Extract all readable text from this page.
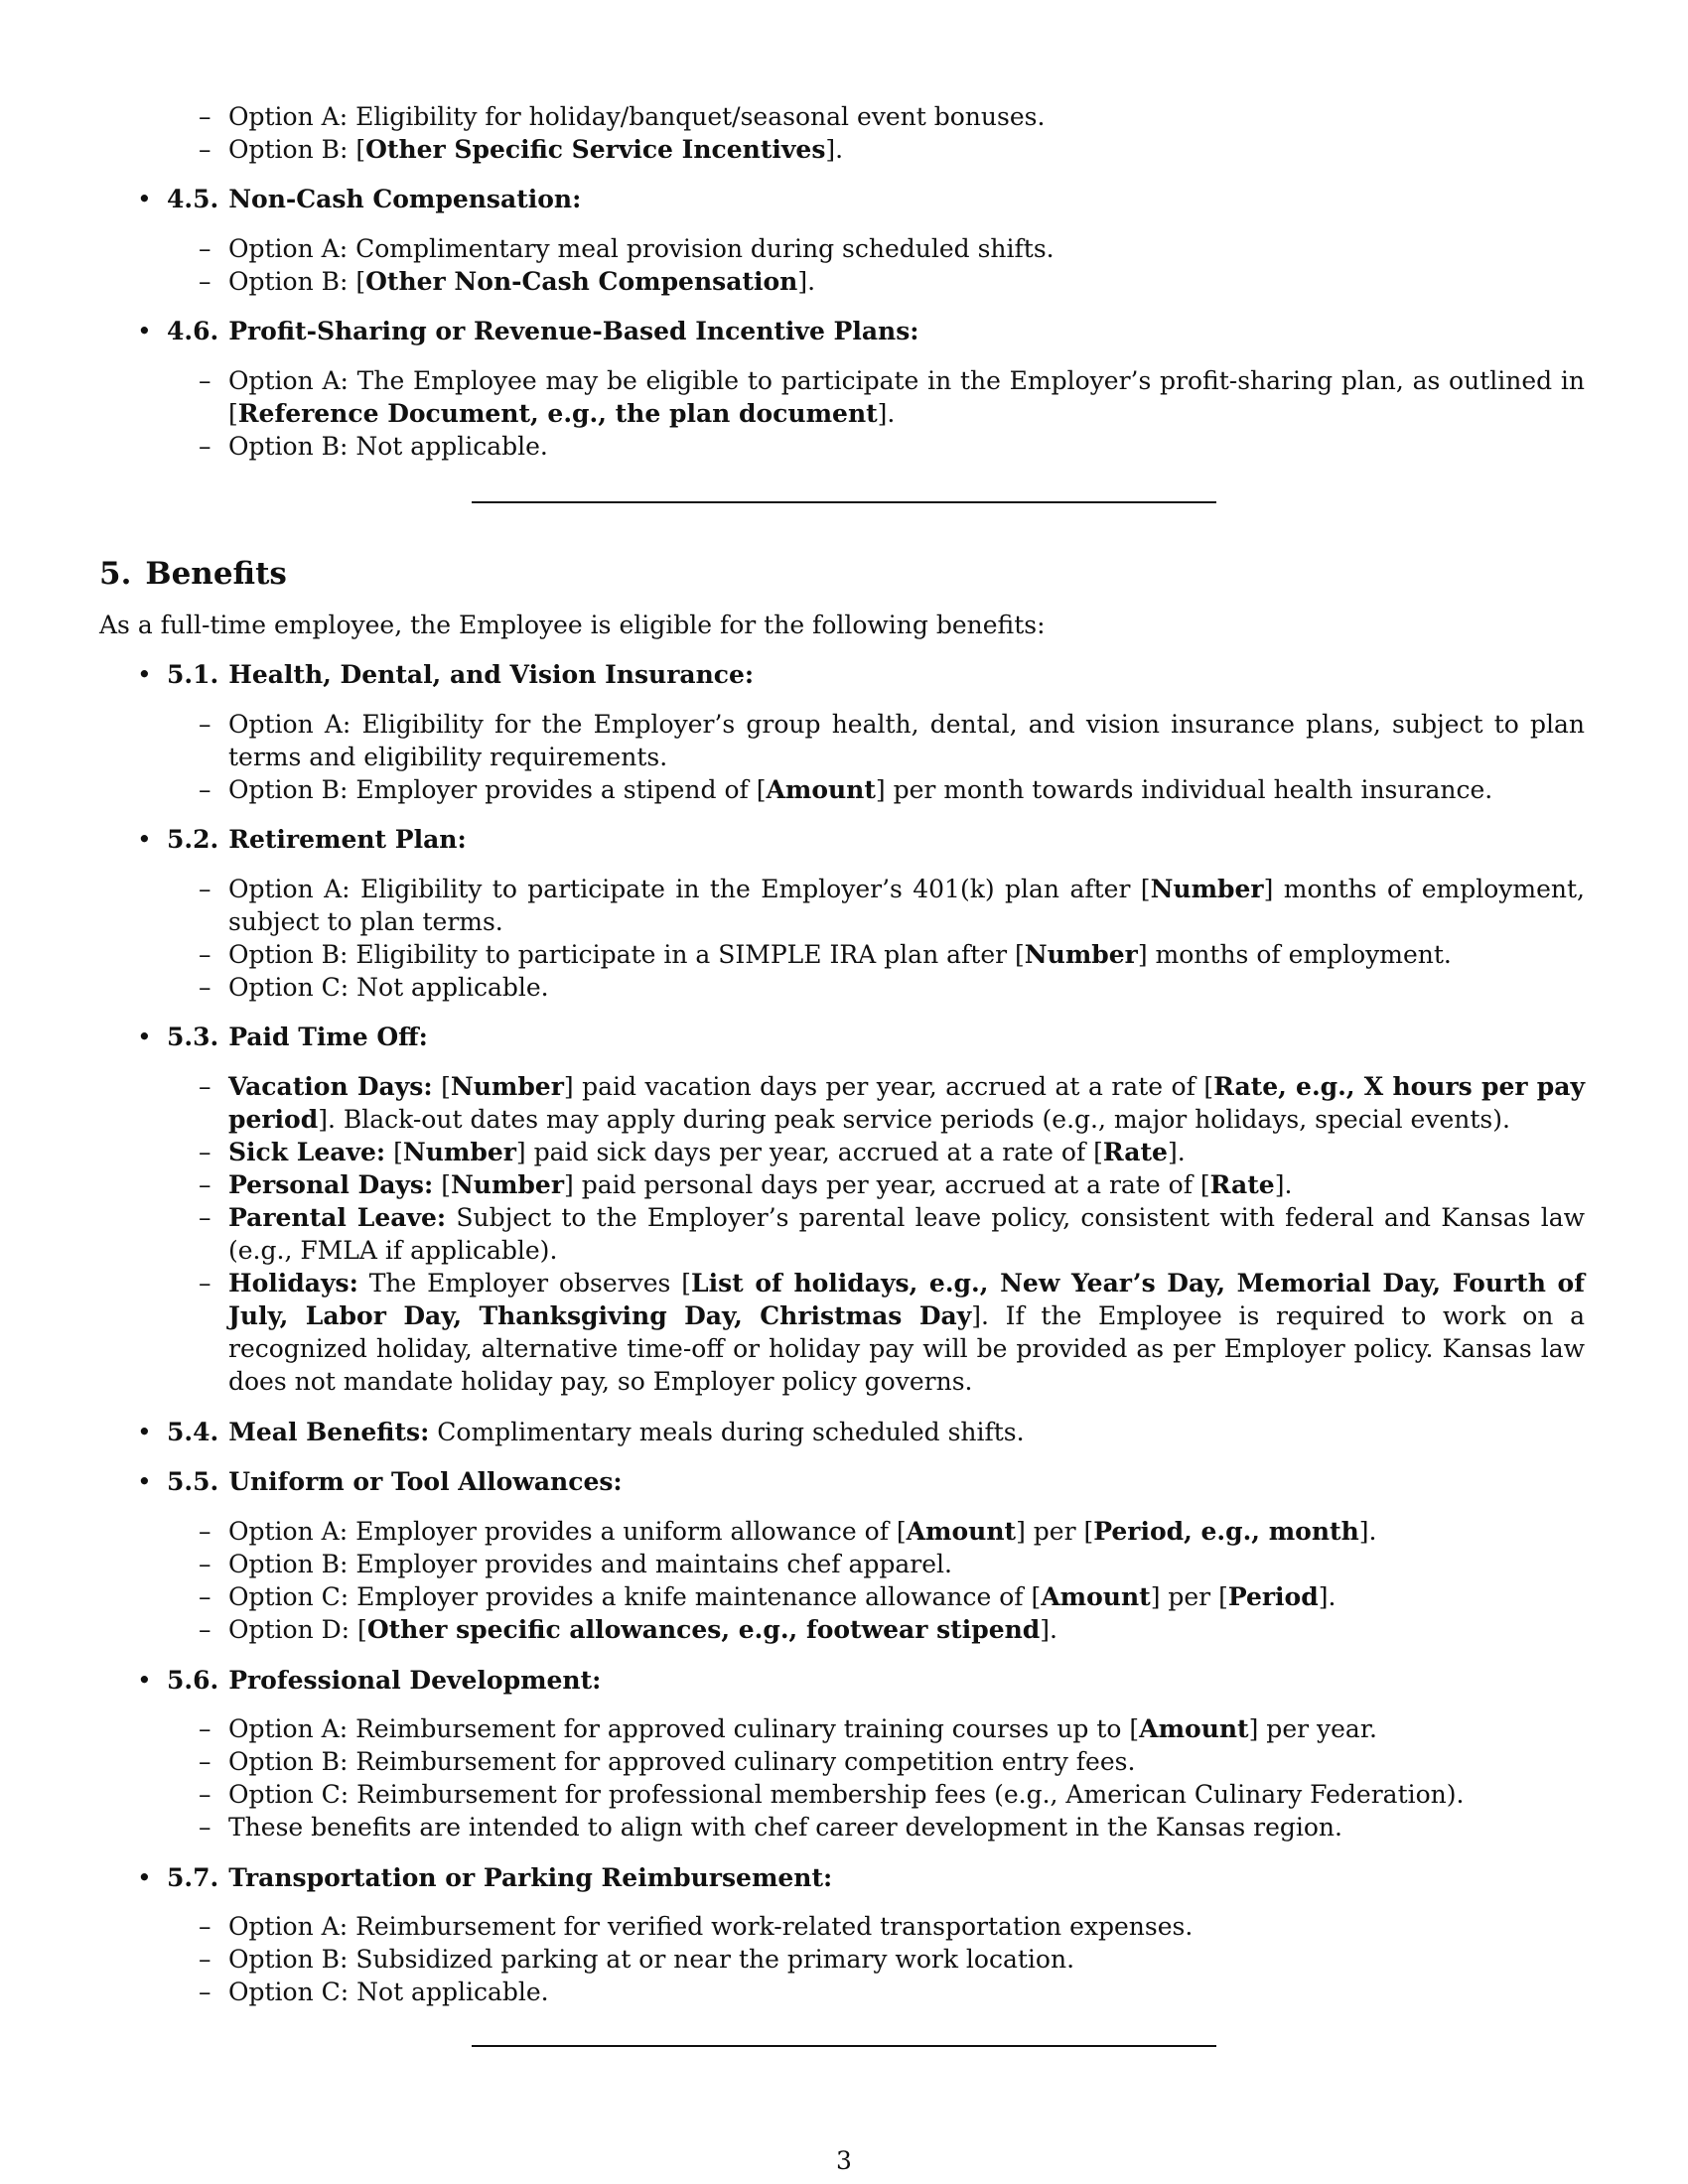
– Option A: Eligibility for holiday/banquet/seasonal event bonuses.
– Option B: [Other Specific Service Incentives].
• 4.5. Non-Cash Compensation:
– Option A: Complimentary meal provision during scheduled shifts.
– Option B: [Other Non-Cash Compensation].
• 4.6. Profit-Sharing or Revenue-Based Incentive Plans:
– Option A: The Employee may be eligible to participate in the Employer’s profit-sharing plan, as outlined in [Reference Document, e.g., the plan document].
– Option B: Not applicable.
5. Benefits
As a full-time employee, the Employee is eligible for the following benefits:
• 5.1. Health, Dental, and Vision Insurance:
– Option A: Eligibility for the Employer’s group health, dental, and vision insurance plans, subject to plan terms and eligibility requirements.
– Option B: Employer provides a stipend of [Amount] per month towards individual health insurance.
• 5.2. Retirement Plan:
– Option A: Eligibility to participate in the Employer’s 401(k) plan after [Number] months of employment, subject to plan terms.
– Option B: Eligibility to participate in a SIMPLE IRA plan after [Number] months of employment.
– Option C: Not applicable.
• 5.3. Paid Time Off:
– Vacation Days: [Number] paid vacation days per year, accrued at a rate of [Rate, e.g., X hours per pay period]. Black-out dates may apply during peak service periods (e.g., major holidays, special events).
– Sick Leave: [Number] paid sick days per year, accrued at a rate of [Rate].
– Personal Days: [Number] paid personal days per year, accrued at a rate of [Rate].
– Parental Leave: Subject to the Employer’s parental leave policy, consistent with federal and Kansas law (e.g., FMLA if applicable).
– Holidays: The Employer observes [List of holidays, e.g., New Year’s Day, Memorial Day, Fourth of July, Labor Day, Thanksgiving Day, Christmas Day]. If the Employee is required to work on a recognized holiday, alternative time-off or holiday pay will be provided as per Employer policy. Kansas law does not mandate holiday pay, so Employer policy governs.
• 5.4. Meal Benefits: Complimentary meals during scheduled shifts.
• 5.5. Uniform or Tool Allowances:
– Option A: Employer provides a uniform allowance of [Amount] per [Period, e.g., month].
– Option B: Employer provides and maintains chef apparel.
– Option C: Employer provides a knife maintenance allowance of [Amount] per [Period].
– Option D: [Other specific allowances, e.g., footwear stipend].
• 5.6. Professional Development:
– Option A: Reimbursement for approved culinary training courses up to [Amount] per year.
– Option B: Reimbursement for approved culinary competition entry fees.
– Option C: Reimbursement for professional membership fees (e.g., American Culinary Federation).
– These benefits are intended to align with chef career development in the Kansas region.
• 5.7. Transportation or Parking Reimbursement:
– Option A: Reimbursement for verified work-related transportation expenses.
– Option B: Subsidized parking at or near the primary work location.
– Option C: Not applicable.
3
